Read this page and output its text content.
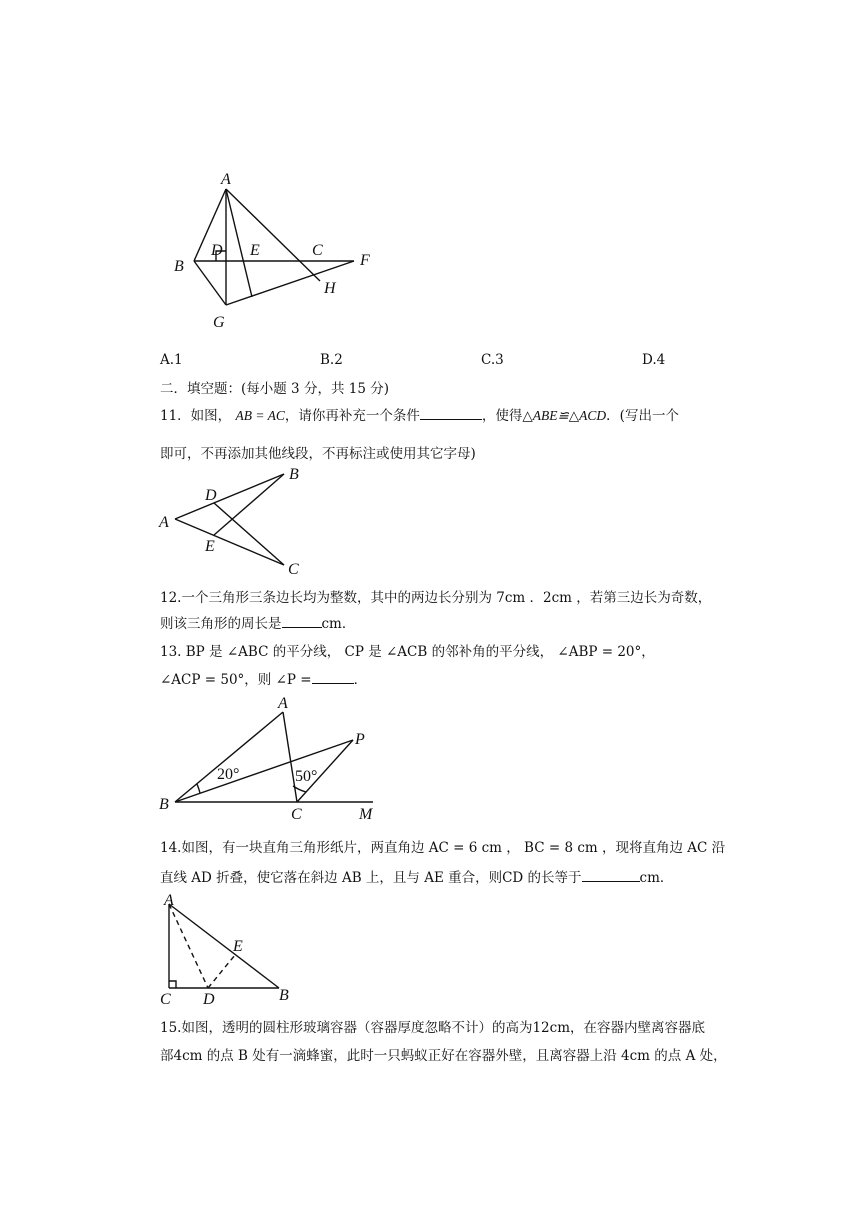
A
B
D E	C
F
H
G
A.1	B.2	C.3	D.4
二．填空题：(每小题 3 分，共 15 分)
11．如图， AB = AC，请你再补充一个条件	，使得△ABE≌△ACD．(写出一个
即可，不再添加其他线段，不再标注或使用其它字母)
A
B
C
D
E
12.一个三角形三条边长均为整数，其中的两边长分别为 7cm ．2cm ，若第三边长为奇数，
则该三角形的周长是	cm．
13. BP 是 ∠ABC 的平分线， CP 是 ∠ACB 的邻补角的平分线， ∠ABP = 20°，
∠ACP = 50°，则 ∠P =	．
20°	50°
A
P
B
C	M
14.如图，有一块直角三角形纸片，两直角边 AC = 6 cm ， BC = 8 cm ，现将直角边 AC 沿
直线 AD 折叠，使它落在斜边 AB 上，且与 AE 重合，则CD 的长等于	cm．
A
E
C D	B
15.如图，透明的圆柱形玻璃容器（容器厚度忽略不计）的高为12cm，在容器内壁离容器底
部4cm 的点 B 处有一滴蜂蜜，此时一只蚂蚁正好在容器外壁，且离容器上沿 4cm 的点 A 处，
